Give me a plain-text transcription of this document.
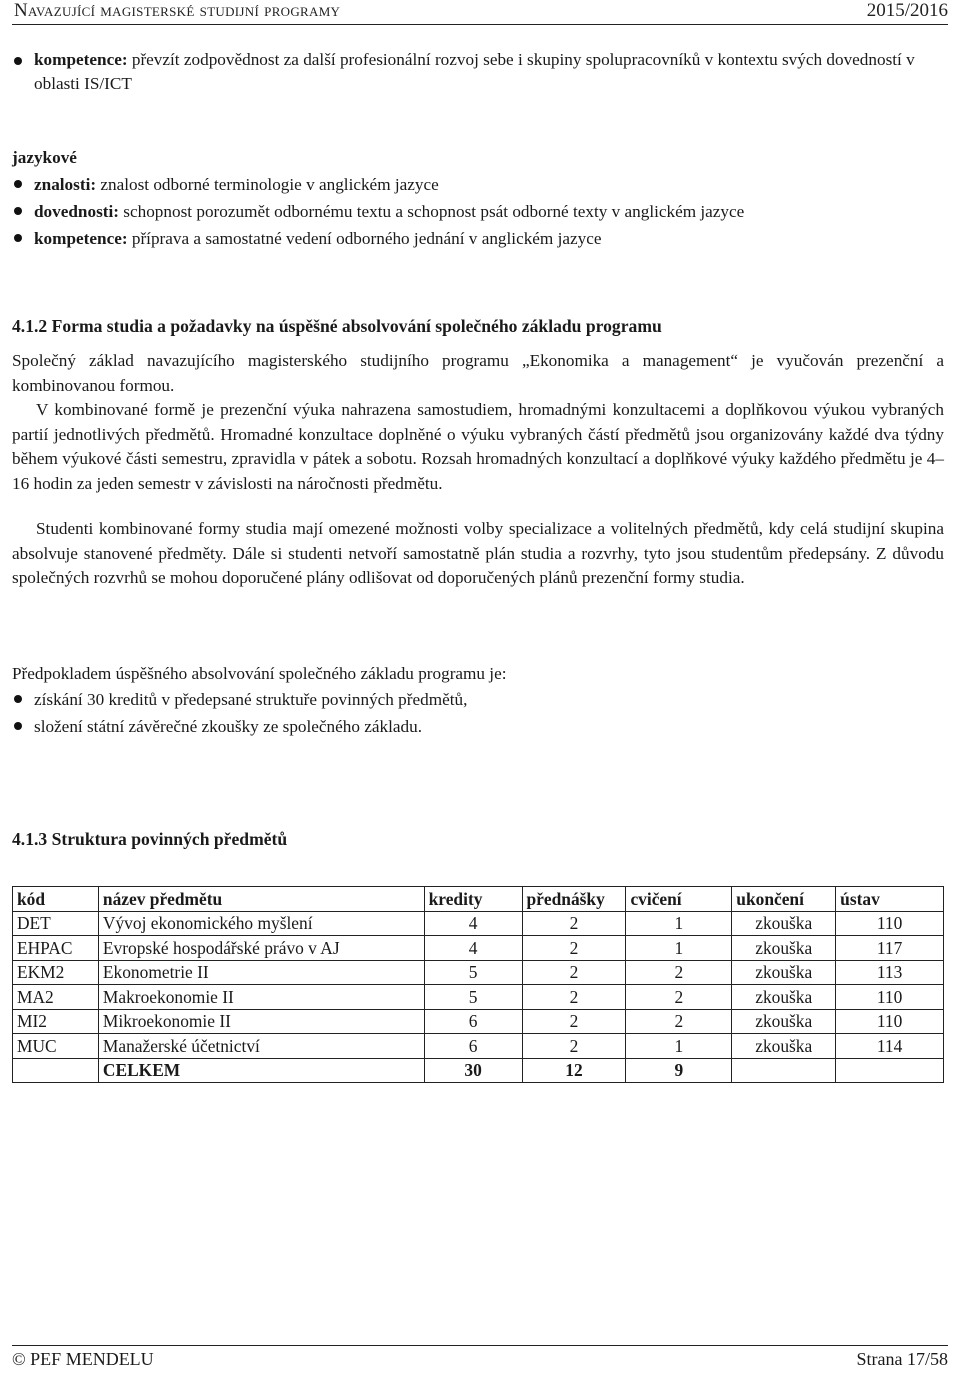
Navazující magisterské studijní programy	2015/2016
kompetence: převzít zodpovědnost za další profesionální rozvoj sebe i skupiny spolupracovníků v kontextu svých dovedností v oblasti IS/ICT
jazykové
znalosti: znalost odborné terminologie v anglickém jazyce
dovednosti: schopnost porozumět odbornému textu a schopnost psát odborné texty v anglickém jazyce
kompetence: příprava a samostatné vedení odborného jednání v anglickém jazyce
4.1.2 Forma studia a požadavky na úspěšné absolvování společného základu programu
Společný základ navazujícího magisterského studijního programu „Ekonomika a management“ je vyučován prezenční a kombinovanou formou.
V kombinované formě je prezenční výuka nahrazena samostudiem, hromadnými konzultacemi a doplňkovou výukou vybraných partií jednotlivých předmětů. Hromadné konzultace doplněné o výuku vybraných částí předmětů jsou organizovány každé dva týdny během výukové části semestru, zpravidla v pátek a sobotu. Rozsah hromadných konzultací a doplňkové výuky každého předmětu je 4–16 hodin za jeden semestr v závislosti na náročnosti předmětu.
Studenti kombinované formy studia mají omezené možnosti volby specializace a volitelných předmětů, kdy celá studijní skupina absolvuje stanovené předměty. Dále si studenti netvoří samostatně plán studia a rozvrhy, tyto jsou studentům předepsány. Z důvodu společných rozvrhů se mohou doporučené plány odlišovat od doporučených plánů prezenční formy studia.
Předpokladem úspěšného absolvování společného základu programu je:
získání 30 kreditů v předepsané struktuře povinných předmětů,
složení státní závěrečné zkoušky ze společného základu.
4.1.3 Struktura povinných předmětů
kód	název předmětu	kredity	přednášky	cvičení	ukončení	ústav
DET	Vývoj ekonomického myšlení	4	2	1	zkouška	110
EHPAC	Evropské hospodářské právo v AJ	4	2	1	zkouška	117
EKM2	Ekonometrie II	5	2	2	zkouška	113
MA2	Makroekonomie II	5	2	2	zkouška	110
MI2	Mikroekonomie II	6	2	2	zkouška	110
MUC	Manažerské účetnictví	6	2	1	zkouška	114
	CELKEM	30	12	9		
© PEF MENDELU	Strana 17/58
